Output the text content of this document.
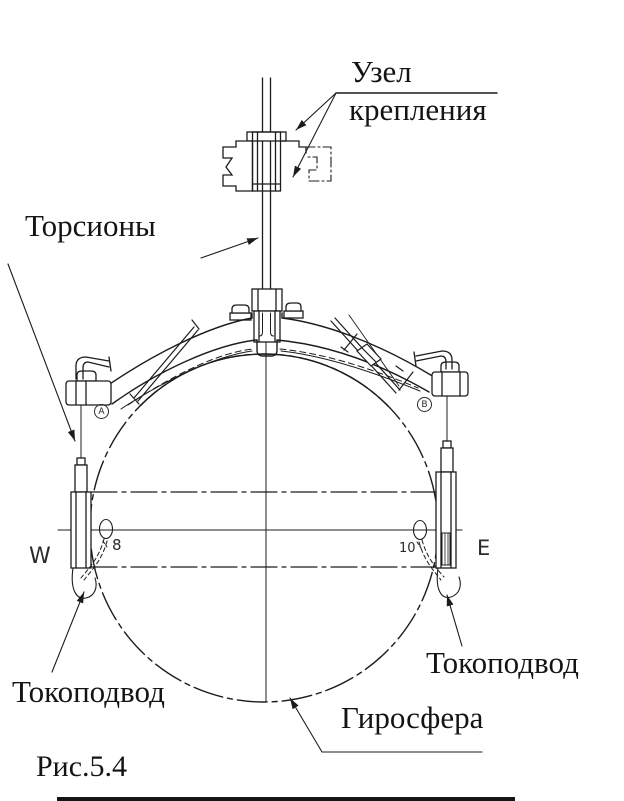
Узел
крепления
Торсионы
Токоподвод
Токоподвод
Гиросфера
Рис.5.4
W	E
8	10
А
В
